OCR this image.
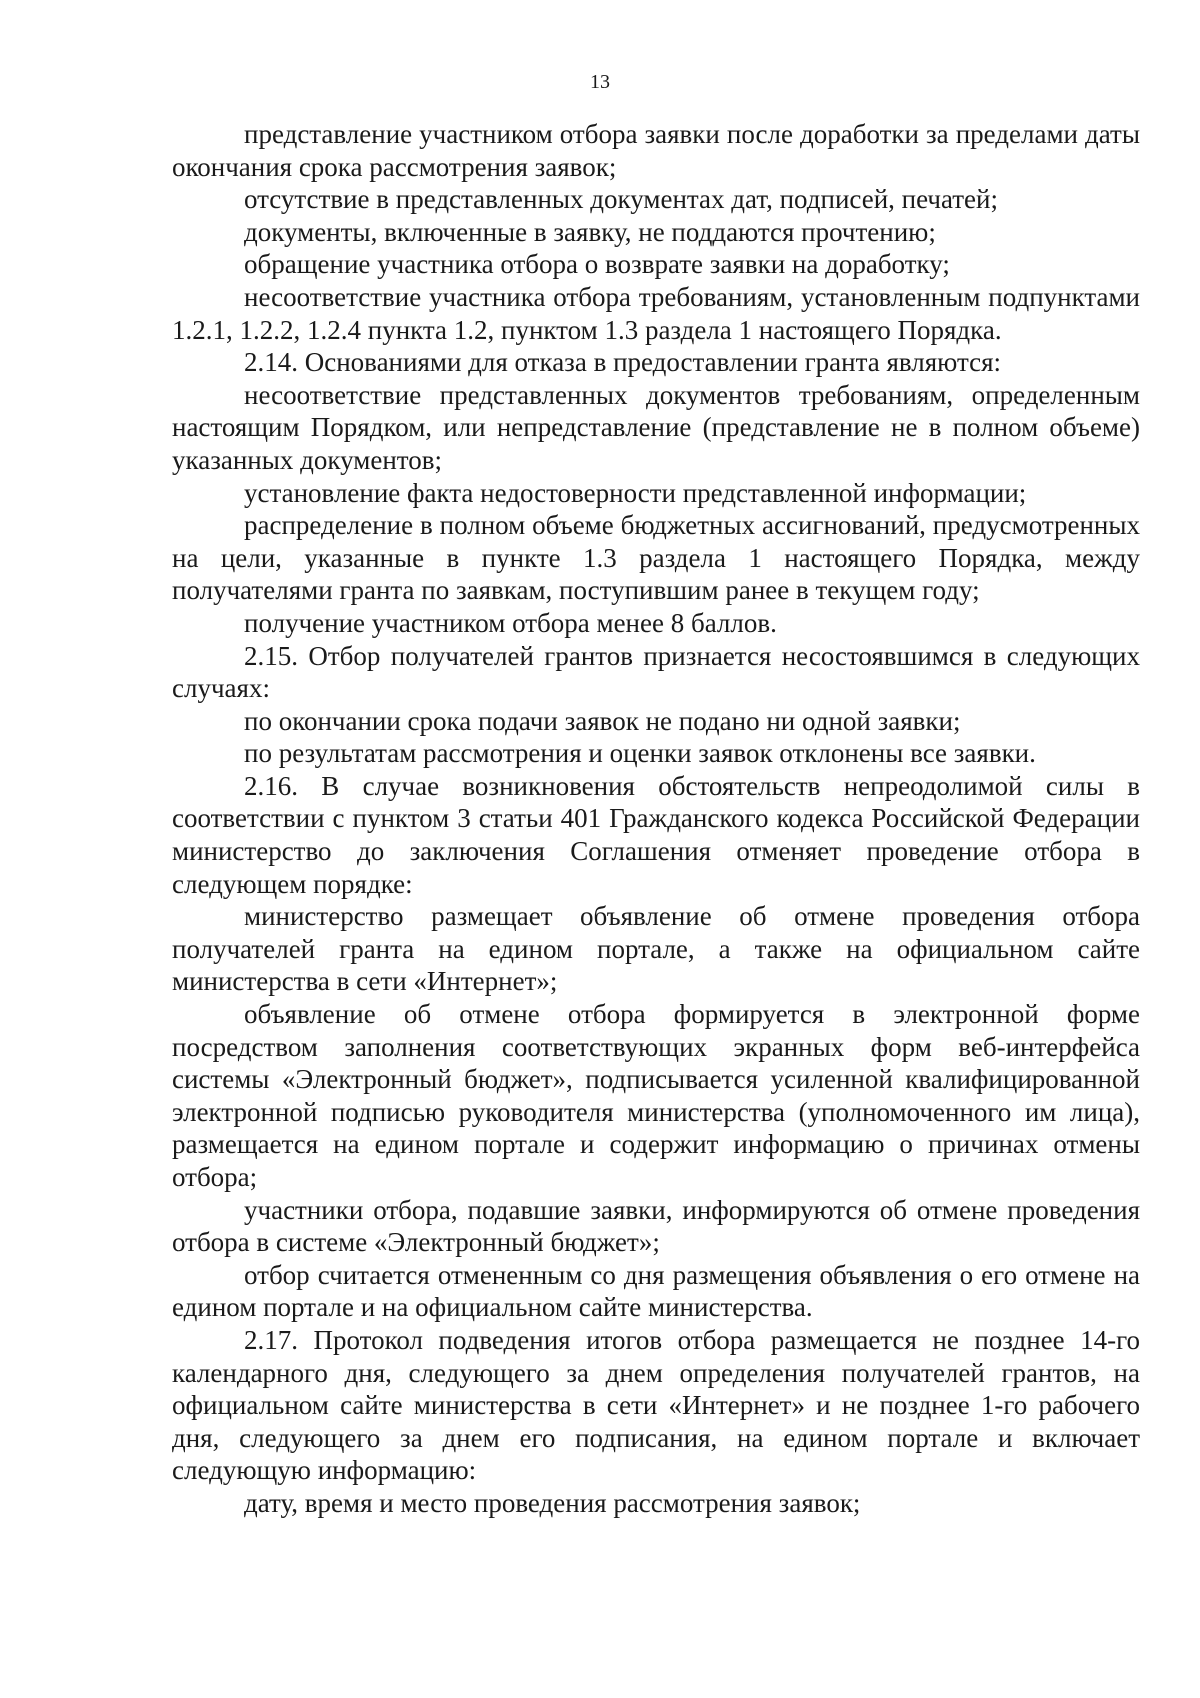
13

представление участником отбора заявки после доработки за пределами даты окончания срока рассмотрения заявок;

отсутствие в представленных документах дат, подписей, печатей;

документы, включенные в заявку, не поддаются прочтению;

обращение участника отбора о возврате заявки на доработку;

несоответствие участника отбора требованиям, установленным подпунктами 1.2.1, 1.2.2, 1.2.4 пункта 1.2, пунктом 1.3 раздела 1 настоящего Порядка.

2.14. Основаниями для отказа в предоставлении гранта являются:

несоответствие представленных документов требованиям, определенным настоящим Порядком, или непредставление (представление не в полном объеме) указанных документов;

установление факта недостоверности представленной информации;

распределение в полном объеме бюджетных ассигнований, предусмотренных на цели, указанные в пункте 1.3 раздела 1 настоящего Порядка, между получателями гранта по заявкам, поступившим ранее в текущем году;

получение участником отбора менее 8 баллов.

2.15. Отбор получателей грантов признается несостоявшимся в следующих случаях:

по окончании срока подачи заявок не подано ни одной заявки;

по результатам рассмотрения и оценки заявок отклонены все заявки.

2.16. В случае возникновения обстоятельств непреодолимой силы в соответствии с пунктом 3 статьи 401 Гражданского кодекса Российской Федерации министерство до заключения Соглашения отменяет проведение отбора в следующем порядке:

министерство размещает объявление об отмене проведения отбора получателей гранта на едином портале, а также на официальном сайте министерства в сети «Интернет»;

объявление об отмене отбора формируется в электронной форме посредством заполнения соответствующих экранных форм веб-интерфейса системы «Электронный бюджет», подписывается усиленной квалифицированной электронной подписью руководителя министерства (уполномоченного им лица), размещается на едином портале и содержит информацию о причинах отмены отбора;

участники отбора, подавшие заявки, информируются об отмене проведения отбора в системе «Электронный бюджет»;

отбор считается отмененным со дня размещения объявления о его отмене на едином портале и на официальном сайте министерства.

2.17. Протокол подведения итогов отбора размещается не позднее 14-го календарного дня, следующего за днем определения получателей грантов, на официальном сайте министерства в сети «Интернет» и не позднее 1-го рабочего дня, следующего за днем его подписания, на едином портале и включает следующую информацию:

дату, время и место проведения рассмотрения заявок;
